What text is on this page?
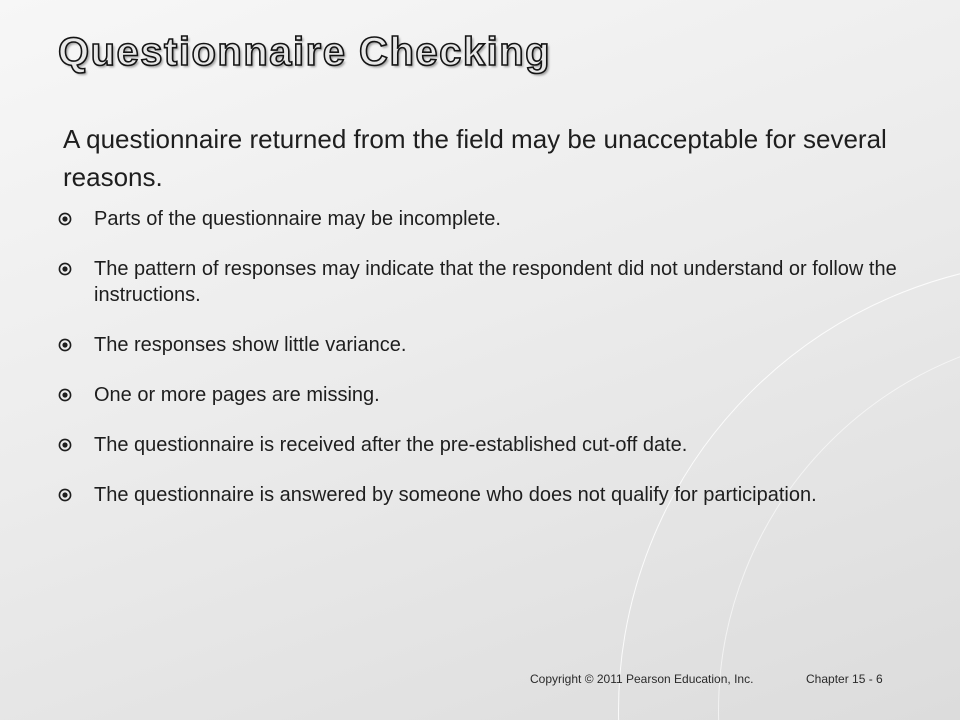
Questionnaire Checking

A questionnaire returned from the field may be unacceptable for several reasons.

Parts of the questionnaire may be incomplete.
The pattern of responses may indicate that the respondent did not understand or follow the instructions.
The responses show little variance.
One or more pages are missing.
The questionnaire is received after the pre-established cut-off date.
The questionnaire is answered by someone who does not qualify for participation.
Copyright © 2011 Pearson Education, Inc.	Chapter 15 - 6
